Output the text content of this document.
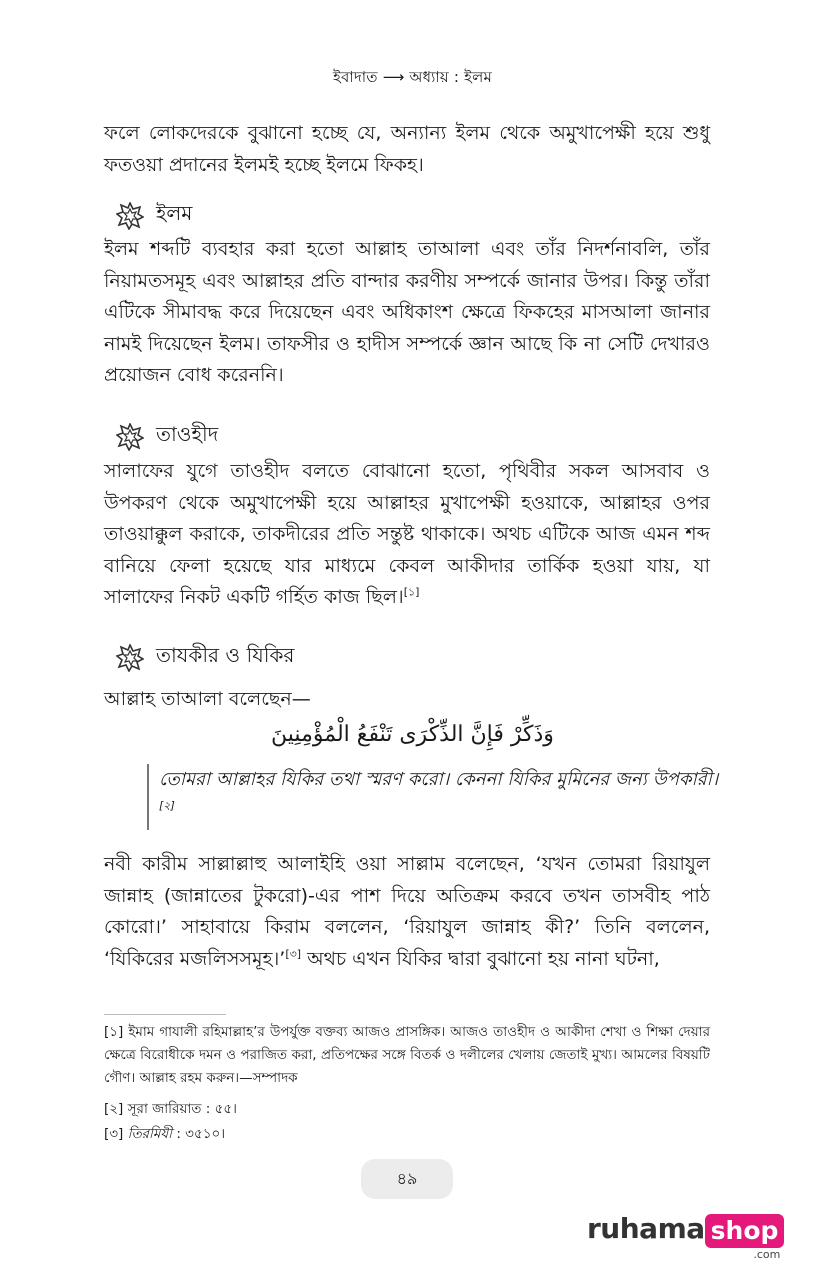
ইবাদাত ⟶ অধ্যায় : ইলম

ফলে লোকদেরকে বুঝানো হচ্ছে যে, অন্যান্য ইলম থেকে অমুখাপেক্ষী হয়ে শুধু ফতওয়া প্রদানের ইলমই হচ্ছে ইলমে ফিকহ।

ইলম

ইলম শব্দটি ব্যবহার করা হতো আল্লাহ তাআলা এবং তাঁর নিদর্শনাবলি, তাঁর নিয়ামতসমূহ এবং আল্লাহর প্রতি বান্দার করণীয় সম্পর্কে জানার উপর। কিন্তু তাঁরা এটিকে সীমাবদ্ধ করে দিয়েছেন এবং অধিকাংশ ক্ষেত্রে ফিকহের মাসআলা জানার নামই দিয়েছেন ইলম। তাফসীর ও হাদীস সম্পর্কে জ্ঞান আছে কি না সেটি দেখারও প্রয়োজন বোধ করেননি।

তাওহীদ

সালাফের যুগে তাওহীদ বলতে বোঝানো হতো, পৃথিবীর সকল আসবাব ও উপকরণ থেকে অমুখাপেক্ষী হয়ে আল্লাহর মুখাপেক্ষী হওয়াকে, আল্লাহর ওপর তাওয়াক্কুল করাকে, তাকদীরের প্রতি সন্তুষ্ট থাকাকে। অথচ এটিকে আজ এমন শব্দ বানিয়ে ফেলা হয়েছে যার মাধ্যমে কেবল আকীদার তার্কিক হওয়া যায়, যা সালাফের নিকট একটি গর্হিত কাজ ছিল।[১]

তাযকীর ও যিকির
আল্লাহ তাআলা বলেছেন—
وَذَكِّرْ فَإِنَّ الذِّكْرَى تَنْفَعُ الْمُؤْمِنِينَ
তোমরা আল্লাহর যিকির তথা স্মরণ করো। কেননা যিকির মুমিনের জন্য উপকারী।[২]

নবী কারীম সাল্লাল্লাহু আলাইহি ওয়া সাল্লাম বলেছেন, ‘যখন তোমরা রিয়াযুল জান্নাহ (জান্নাতের টুকরো)-এর পাশ দিয়ে অতিক্রম করবে তখন তাসবীহ পাঠ কোরো।’ সাহাবায়ে কিরাম বললেন, ‘রিয়াযুল জান্নাহ কী?’ তিনি বললেন, ‘যিকিরের মজলিসসমূহ।’[৩] অথচ এখন যিকির দ্বারা বুঝানো হয় নানা ঘটনা,

[১] ইমাম গাযালী রহিমাল্লাহ’র উপর্যুক্ত বক্তব্য আজও প্রাসঙ্গিক। আজও তাওহীদ ও আকীদা শেখা ও শিক্ষা দেয়ার ক্ষেত্রে বিরোধীকে দমন ও পরাজিত করা, প্রতিপক্ষের সঙ্গে বিতর্ক ও দলীলের খেলায় জেতাই মুখ্য। আমলের বিষয়টি গৌণ। আল্লাহ রহম করুন।—সম্পাদক
[২] সূরা জারিয়াত : ৫৫।
[৩] তিরমিযী : ৩৫১০।
৪৯
ruhama shop
.com
